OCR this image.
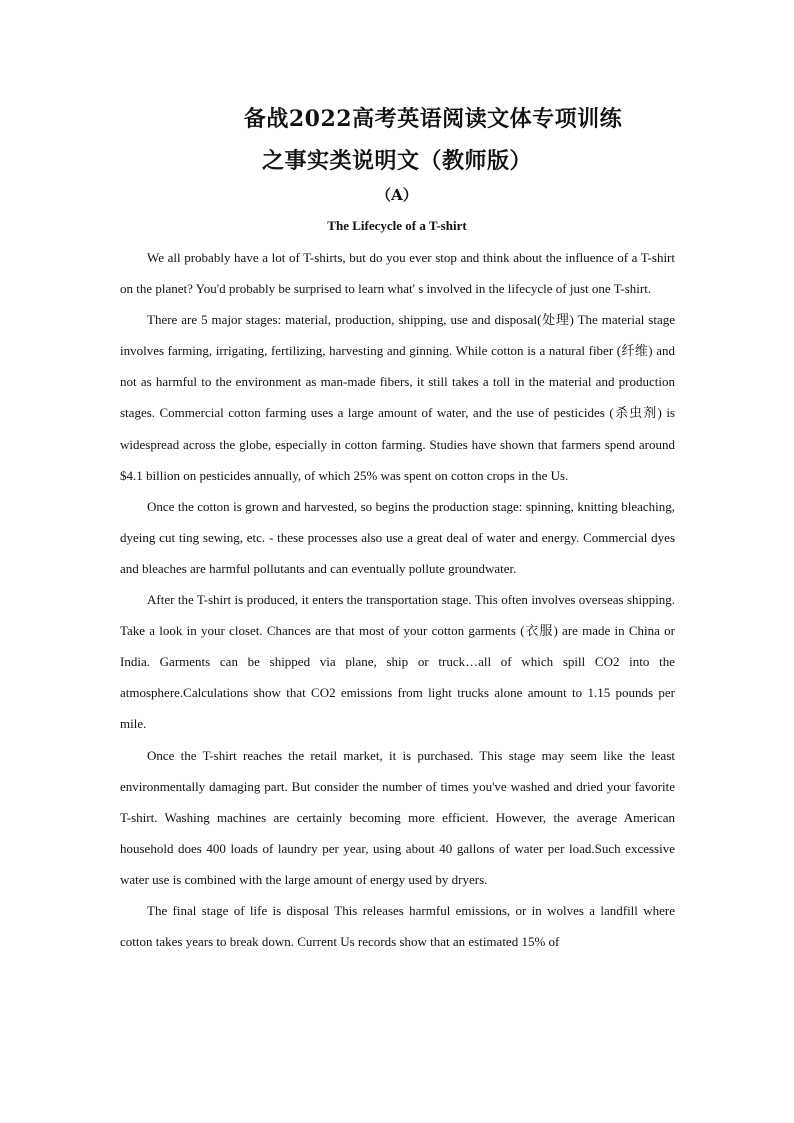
备战2022高考英语阅读文体专项训练
之事实类说明文（教师版）
（A）
The Lifecycle of a T-shirt

We all probably have a lot of T-shirts, but do you ever stop and think about the influence of a T-shirt on the planet? You'd probably be surprised to learn what' s involved in the lifecycle of just one T-shirt.

There are 5 major stages: material, production, shipping, use and disposal(处理) The material stage involves farming, irrigating, fertilizing, harvesting and ginning. While cotton is a natural fiber (纤维) and not as harmful to the environment as man-made fibers, it still takes a toll in the material and production stages. Commercial cotton farming uses a large amount of water, and the use of pesticides (杀虫剂) is widespread across the globe, especially in cotton farming. Studies have shown that farmers spend around $4.1 billion on pesticides annually, of which 25% was spent on cotton crops in the Us.

Once the cotton is grown and harvested, so begins the production stage: spinning, knitting bleaching, dyeing cut ting sewing, etc. - these processes also use a great deal of water and energy. Commercial dyes and bleaches are harmful pollutants and can eventually pollute groundwater.

After the T-shirt is produced, it enters the transportation stage. This often involves overseas shipping. Take a look in your closet. Chances are that most of your cotton garments (衣服) are made in China or India. Garments can be shipped via plane, ship or truck…all of which spill CO2 into the atmosphere.Calculations show that CO2 emissions from light trucks alone amount to 1.15 pounds per mile.

Once the T-shirt reaches the retail market, it is purchased. This stage may seem like the least environmentally damaging part. But consider the number of times you've washed and dried your favorite T-shirt. Washing machines are certainly becoming more efficient. However, the average American household does 400 loads of laundry per year, using about 40 gallons of water per load.Such excessive water use is combined with the large amount of energy used by dryers.

The final stage of life is disposal This releases harmful emissions, or in wolves a landfill where cotton takes years to break down. Current Us records show that an estimated 15% of
